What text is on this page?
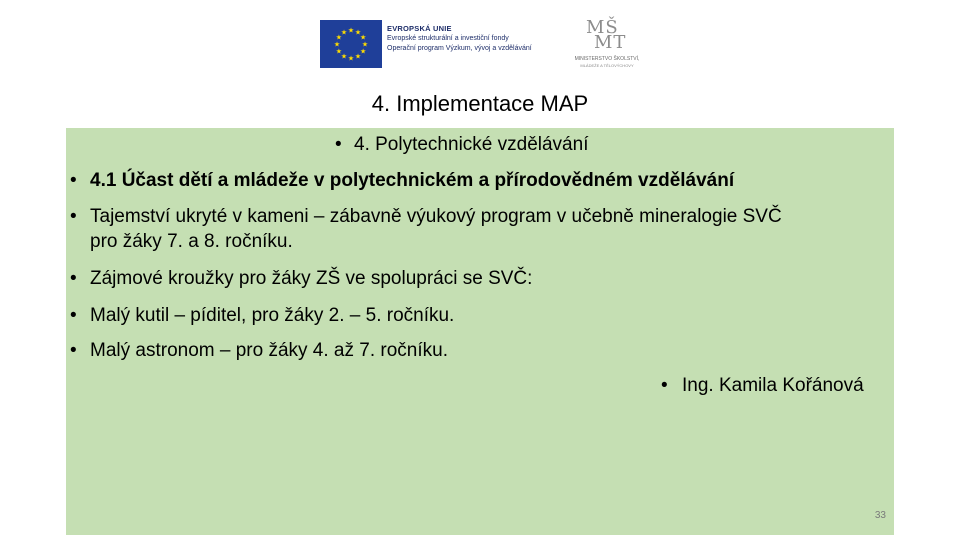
★ ★
★
★
★
★
★
★
★
★
★
★	EVROPSKÁ UNIE
Evropské strukturální a investiční fondy
Operační program Výzkum, vývoj a vzdělávání
MŠ
MT
MINISTERSTVO ŠKOLSTVÍ,
MLÁDEŽE A TĚLOVÝCHOVY
4. Implementace MAP
• 4. Polytechnické vzdělávání
• 4.1 Účast dětí a mládeže v polytechnickém a přírodovědném vzdělávání
• Tajemství ukryté v kameni – zábavně výukový program v učebně mineralogie SVČ
pro žáky 7. a 8. ročníku.
• Zájmové kroužky pro žáky ZŠ ve spolupráci se SVČ:
• Malý kutil – píditel, pro žáky 2. – 5. ročníku.
• Malý astronom – pro žáky 4. až 7. ročníku.
• Ing. Kamila Kořánová
33
